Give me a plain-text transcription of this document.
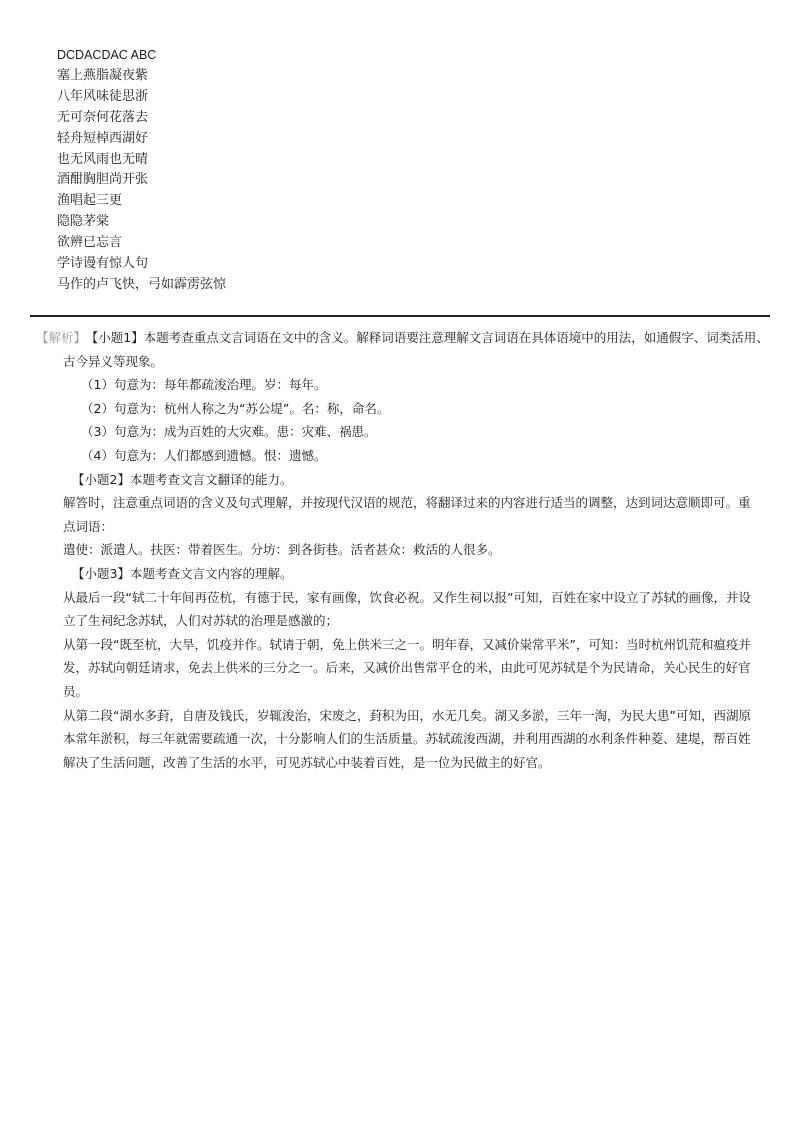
DCDACDAC ABC
塞上燕脂凝夜紫
八年风味徒思浙
无可奈何花落去
轻舟短棹西湖好
也无风雨也无晴
酒酣胸胆尚开张
渔唱起三更
隐隐茅棠
欲辨已忘言
学诗谩有惊人句
马作的卢飞快，弓如霹雳弦惊
【解析】 【小题1】本题考查重点文言词语在文中的含义。解释词语要注意理解文言词语在具体语境中的用法，如通假字、词类活用、
古今异义等现象。
（1）句意为：每年都疏浚治理。岁：每年。
（2）句意为：杭州人称之为“苏公堤”。名：称，命名。
（3）句意为：成为百姓的大灾难。患：灾难、祸患。
（4）句意为：人们都感到遗憾。恨：遗憾。
【小题2】本题考查文言文翻译的能力。
解答时，注意重点词语的含义及句式理解，并按现代汉语的规范，将翻译过来的内容进行适当的调整，达到词达意顺即可。重
点词语：
遣使：派遣人。扶医：带着医生。分坊：到各街巷。活者甚众：救活的人很多。
【小题3】本题考查文言文内容的理解。
从最后一段“轼二十年间再莅杭，有德于民，家有画像，饮食必祝。又作生祠以报”可知，百姓在家中设立了苏轼的画像，并设
立了生祠纪念苏轼，人们对苏轼的治理是感激的；
从第一段“既至杭，大旱，饥疫并作。轼请于朝，免上供米三之一。明年春，又减价粜常平米”，可知：当时杭州饥荒和瘟疫并
发，苏轼向朝廷请求，免去上供米的三分之一。后来，又减价出售常平仓的米，由此可见苏轼是个为民请命，关心民生的好官
员。
从第二段“湖水多葑，自唐及钱氏，岁辄浚治，宋废之，葑积为田，水无几矣。湖又多淤，三年一淘，为民大患”可知，西湖原
本常年淤积，每三年就需要疏通一次，十分影响人们的生活质量。苏轼疏浚西湖，并利用西湖的水利条件种菱、建堤，帮百姓
解决了生活问题，改善了生活的水平，可见苏轼心中装着百姓，是一位为民做主的好官。
